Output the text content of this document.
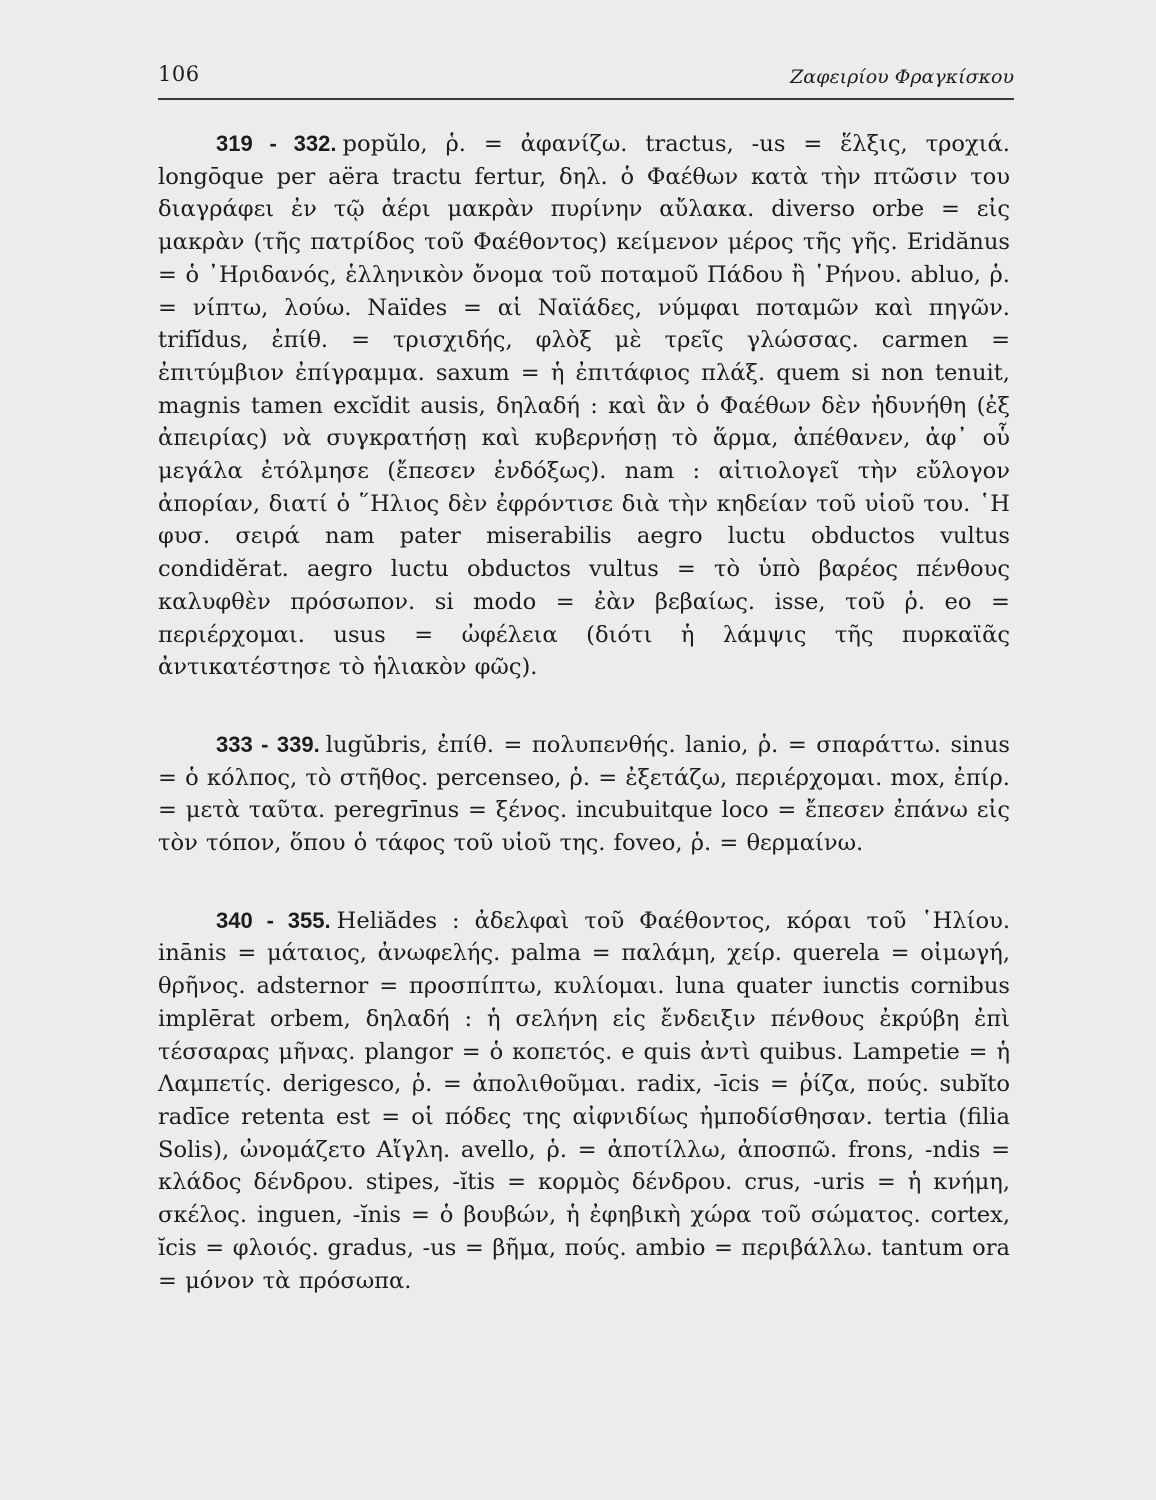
106	Ζαφειρίου Φραγκίσκου

319 - 332. popŭlo, ῥ. = ἀφανίζω. tractus, -us = ἕλξις, τροχιά. longōque per aëra tractu fertur, δηλ. ὁ Φαέθων κατὰ τὴν πτῶσιν του διαγράφει ἐν τῷ ἀέρι μακρὰν πυρίνην αὔλακα. diverso orbe = εἰς μακρὰν (τῆς πατρίδος τοῦ Φαέθοντος) κείμενον μέρος τῆς γῆς. Eridănus = ὁ ᾿Ηριδανός, ἑλληνικὸν ὄνομα τοῦ ποταμοῦ Πάδου ἢ ῾Ρήνου. abluo, ῥ. = νίπτω, λούω. Naïdes = αἱ Ναϊάδες, νύμφαι ποταμῶν καὶ πηγῶν. trifĭdus, ἐπίθ. = τρισχιδής, φλὸξ μὲ τρεῖς γλώσσας. carmen = ἐπιτύμβιον ἐπίγραμμα. saxum = ἡ ἐπιτάφιος πλάξ. quem si non tenuit, magnis tamen excĭdit ausis, δηλαδή : καὶ ἂν ὁ Φαέθων δὲν ἠδυνήθη (ἐξ ἀπειρίας) νὰ συγκρατήσῃ καὶ κυβερνήσῃ τὸ ἅρμα, ἀπέθανεν, ἀφ᾽ οὗ μεγάλα ἐτόλμησε (ἔπεσεν ἐνδόξως). nam : αἰτιολογεῖ τὴν εὔλογον ἀπορίαν, διατί ὁ ῞Ηλιος δὲν ἐφρόντισε διὰ τὴν κηδείαν τοῦ υἱοῦ του. ῾Η φυσ. σειρά nam pater miserabilis aegro luctu obductos vultus condidĕrat. aegro luctu obductos vultus = τὸ ὑπὸ βαρέος πένθους καλυφθὲν πρόσωπον. si modo = ἐὰν βεβαίως. isse, τοῦ ῥ. eo = περιέρχομαι. usus = ὠφέλεια (διότι ἡ λάμψις τῆς πυρκαϊᾶς ἀντικατέστησε τὸ ἡλιακὸν φῶς).

333 - 339. lugŭbris, ἐπίθ. = πολυπενθής. lanio, ῥ. = σπαράττω. sinus = ὁ κόλπος, τὸ στῆθος. percenseo, ῥ. = ἐξετάζω, περιέρχομαι. mox, ἐπίρ. = μετὰ ταῦτα. peregrīnus = ξένος. incubuitque loco = ἔπεσεν ἐπάνω εἰς τὸν τόπον, ὅπου ὁ τάφος τοῦ υἱοῦ της. foveo, ῥ. = θερμαίνω.

340 - 355. Heliădes : ἀδελφαὶ τοῦ Φαέθοντος, κόραι τοῦ ῾Ηλίου. inānis = μάταιος, ἀνωφελής. palma = παλάμη, χείρ. querela = οἰμωγή, θρῆνος. adsternor = προσπίπτω, κυλίομαι. luna quater iunctis cornibus implērat orbem, δηλαδή : ἡ σελήνη εἰς ἔνδειξιν πένθους ἐκρύβη ἐπὶ τέσσαρας μῆνας. plangor = ὁ κοπετός. e quis ἀντὶ quibus. Lampetie = ἡ Λαμπετίς. derigesco, ῥ. = ἀπολιθοῦμαι. radix, -īcis = ῥίζα, πούς. subĭto radīce retenta est = οἱ πόδες της αἰφνιδίως ἠμποδίσθησαν. tertia (filia Solis), ὠνομάζετο Αἴγλη. avello, ῥ. = ἀποτίλλω, ἀποσπῶ. frons, -ndis = κλάδος δένδρου. stipes, -ĭtis = κορμὸς δένδρου. crus, -uris = ἡ κνήμη, σκέλος. inguen, -ĭnis = ὁ βουβών, ἡ ἐφηβικὴ χώρα τοῦ σώματος. cortex, ĭcis = φλοιός. gradus, -us = βῆμα, πούς. ambio = περιβάλλω. tantum ora = μόνον τὰ πρόσωπα.
